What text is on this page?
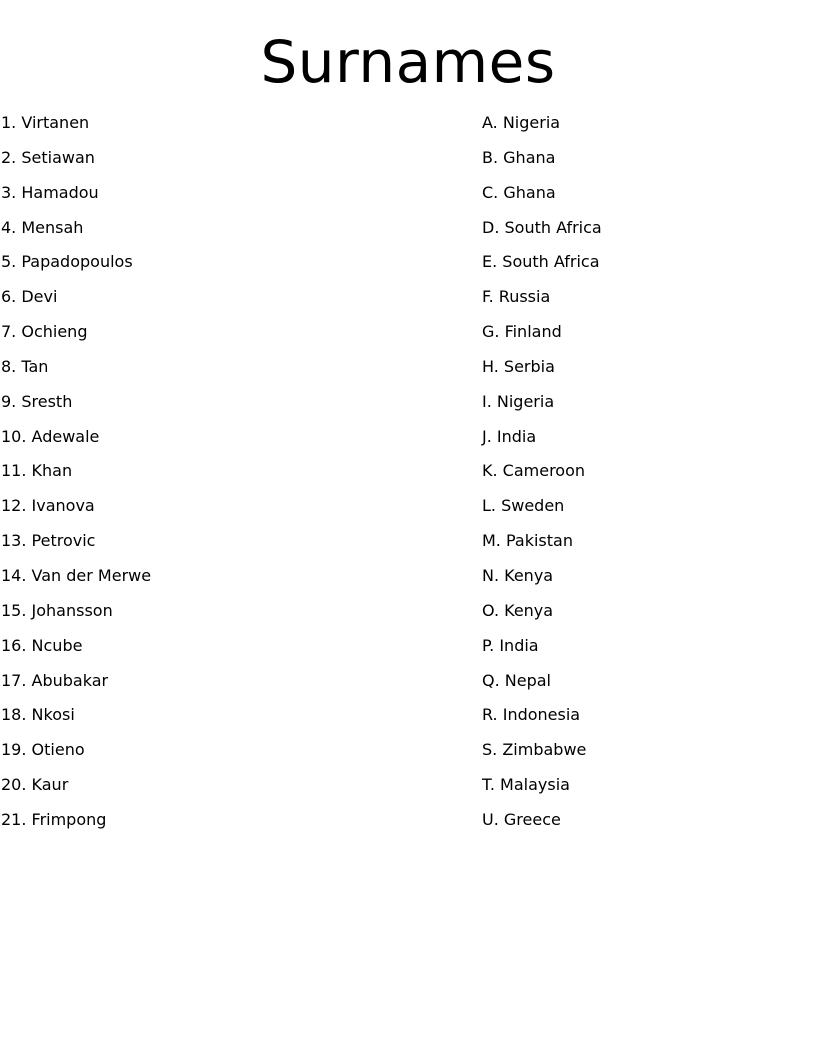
Surnames
1. Virtanen
2. Setiawan
3. Hamadou
4. Mensah
5. Papadopoulos
6. Devi
7. Ochieng
8. Tan
9. Sresth
10. Adewale
11. Khan
12. Ivanova
13. Petrovic
14. Van der Merwe
15. Johansson
16. Ncube
17. Abubakar
18. Nkosi
19. Otieno
20. Kaur
21. Frimpong
A. Nigeria
B. Ghana
C. Ghana
D. South Africa
E. South Africa
F. Russia
G. Finland
H. Serbia
I. Nigeria
J. India
K. Cameroon
L. Sweden
M. Pakistan
N. Kenya
O. Kenya
P. India
Q. Nepal
R. Indonesia
S. Zimbabwe
T. Malaysia
U. Greece
